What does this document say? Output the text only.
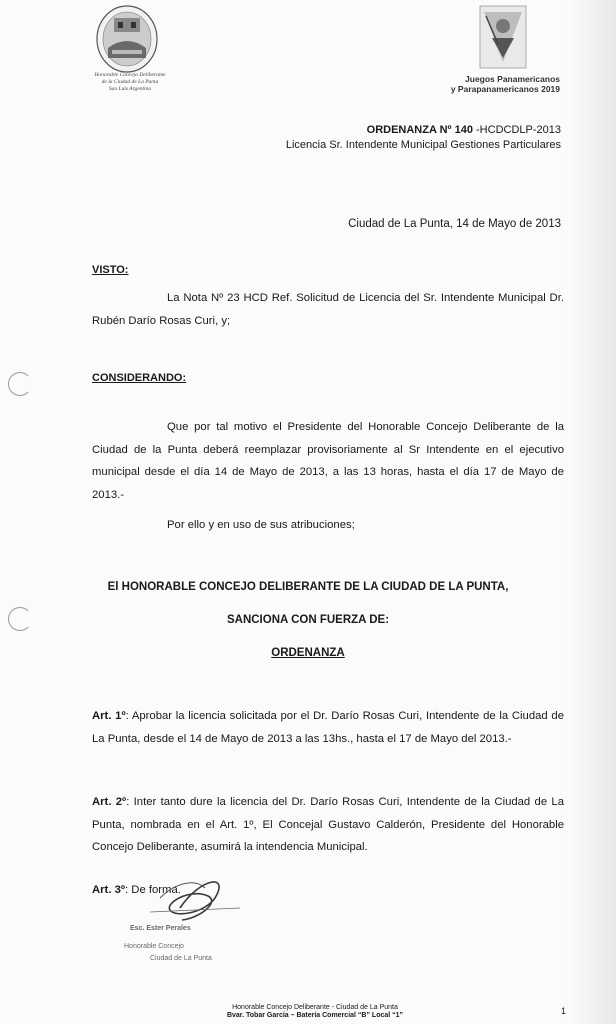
Honorable Concejo Deliberante
de la Ciudad de La Punta
San Luis Argentina
Juegos Panamericanos
y Parapanamericanos 2019
ORDENANZA Nº 140 -HCDCDLP-2013
Licencia Sr. Intendente Municipal Gestiones Particulares
Ciudad de La Punta, 14 de Mayo de 2013
VISTO:
La Nota Nº 23 HCD Ref. Solicitud de Licencia del Sr. Intendente Municipal Dr. Rubén Darío Rosas Curi, y;
CONSIDERANDO:
Que por tal motivo el Presidente del Honorable Concejo Deliberante de la Ciudad de la Punta deberá reemplazar provisoriamente al Sr Intendente en el ejecutivo municipal desde el día 14 de Mayo de 2013, a las 13 horas, hasta el día 17 de Mayo de 2013.-
Por ello y en uso de sus atribuciones;
El HONORABLE CONCEJO DELIBERANTE DE LA CIUDAD DE LA PUNTA,
SANCIONA CON FUERZA DE:
ORDENANZA
Art. 1º: Aprobar la licencia solicitada por el Dr. Darío Rosas Curi, Intendente de la Ciudad de La Punta, desde el 14 de Mayo de 2013 a las 13hs., hasta el 17 de Mayo del 2013.-
Art. 2º: Inter tanto dure la licencia del Dr. Darío Rosas Curi, Intendente de la Ciudad de La Punta, nombrada en el Art. 1º, El Concejal Gustavo Calderón, Presidente del Honorable Concejo Deliberante, asumirá la intendencia Municipal.
Art. 3º: De forma.
Esc. Ester Perales
Honorable Concejo
Ciudad de La Punta
Honorable Concejo Deliberante - Ciudad de La Punta
Bvar. Tobar García – Batería Comercial “B” Local “1”	1
